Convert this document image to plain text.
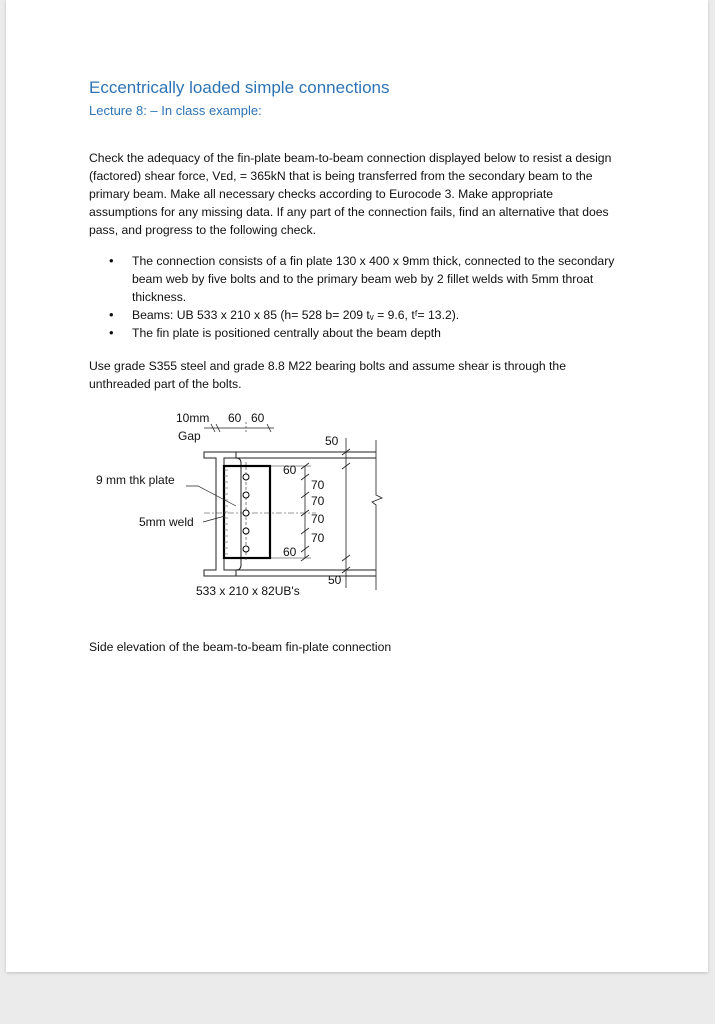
Eccentrically loaded simple connections

Lecture 8: – In class example:

Check the adequacy of the fin-plate beam-to-beam connection displayed below to resist a design (factored) shear force, Vᴇd, = 365kN that is being transferred from the secondary beam to the primary beam. Make all necessary checks according to Eurocode 3. Make appropriate assumptions for any missing data. If any part of the connection fails, find an alternative that does pass, and progress to the following check.

• The connection consists of a fin plate 130 x 400 x 9mm thick, connected to the secondary beam web by five bolts and to the primary beam web by 2 fillet welds with 5mm throat thickness.
• Beams: UB 533 x 210 x 85 (h= 528 b= 209 tᵥ = 9.6, tᶠ= 13.2).
• The fin plate is positioned centrally about the beam depth

Use grade S355 steel and grade 8.8 M22 bearing bolts and assume shear is through the unthreaded part of the bolts.

10mm
Gap
60 60
60
70
70
70
70
60
50
50
9 mm thk plate
5mm weld
533 x 210 x 82UB's

Side elevation of the beam-to-beam fin-plate connection
